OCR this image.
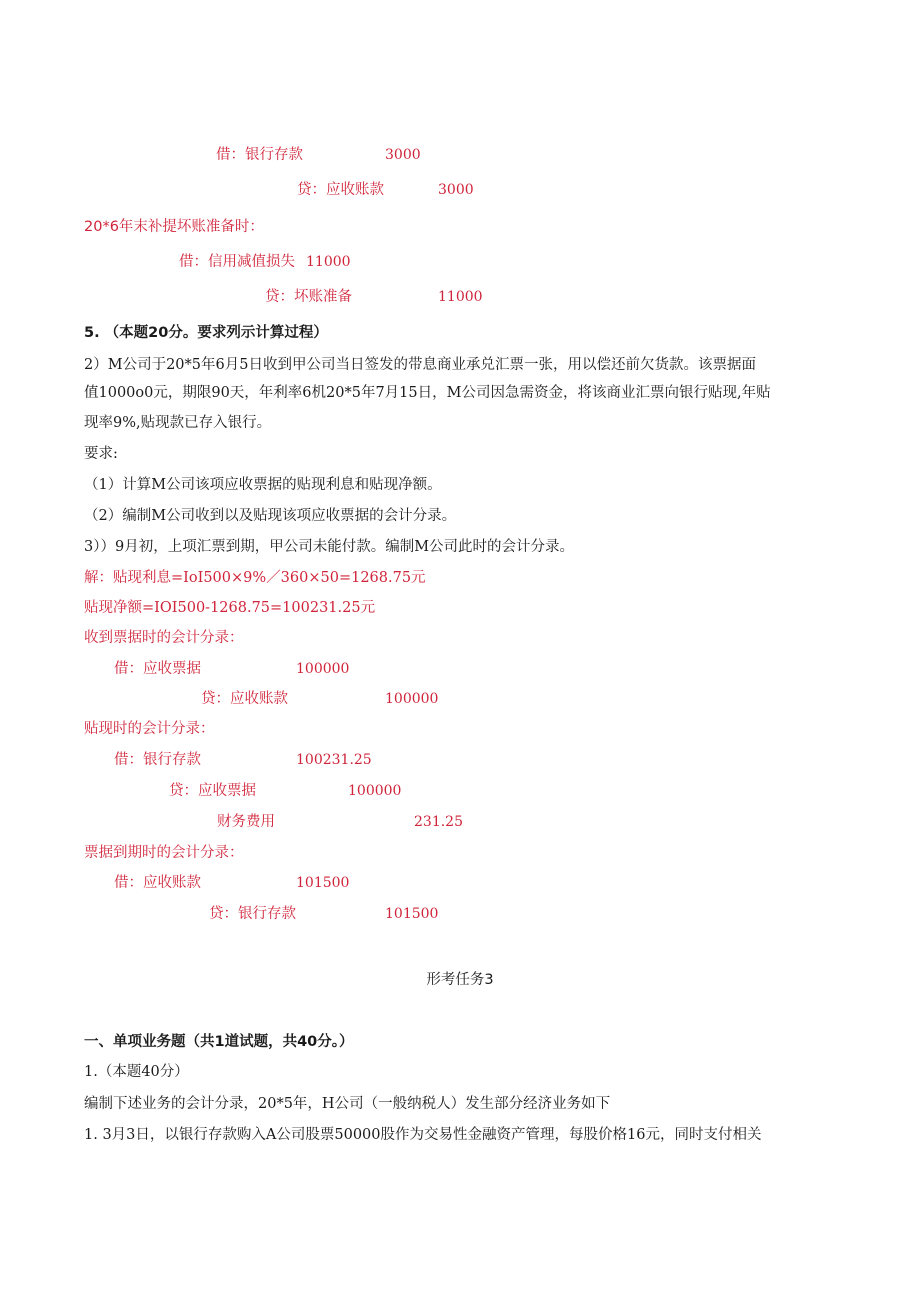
借：银行存款	3000
贷：应收账款	3000
20*6年末补提坏账准备时：
借：信用减值损失 11000
贷：坏账准备	11000
5. （本题20分。要求列示计算过程）
2）M公司于20*5年6月5日收到甲公司当日签发的带息商业承兑汇票一张，用以偿还前欠货款。该票据面
值1000o0元，期限90天，年利率6机20*5年7月15日，M公司因急需资金，将该商业汇票向银行贴现,年贴
现率9%,贴现款已存入银行。
要求:
（1）计算M公司该项应收票据的贴现利息和贴现净额。
（2）编制M公司收到以及贴现该项应收票据的会计分录。
3））9月初，上项汇票到期，甲公司未能付款。编制M公司此时的会计分录。
解：贴现利息=IoI500×9%／360×50=1268.75元
贴现净额=IOI500-1268.75=100231.25元
收到票据时的会计分录：
借：应收票据	100000
贷：应收账款	100000
贴现时的会计分录：
借：银行存款	100231.25
贷：应收票据	100000
财务费用	231.25
票据到期时的会计分录：
借：应收账款	101500
贷：银行存款	101500
形考任务3
一、单项业务题（共1道试题，共40分。）
1.（本题40分）
编制下述业务的会计分录，20*5年，H公司（一般纳税人）发生部分经济业务如下
1. 3月3日，以银行存款购入A公司股票50000股作为交易性金融资产管理，每股价格16元，同时支付相关
